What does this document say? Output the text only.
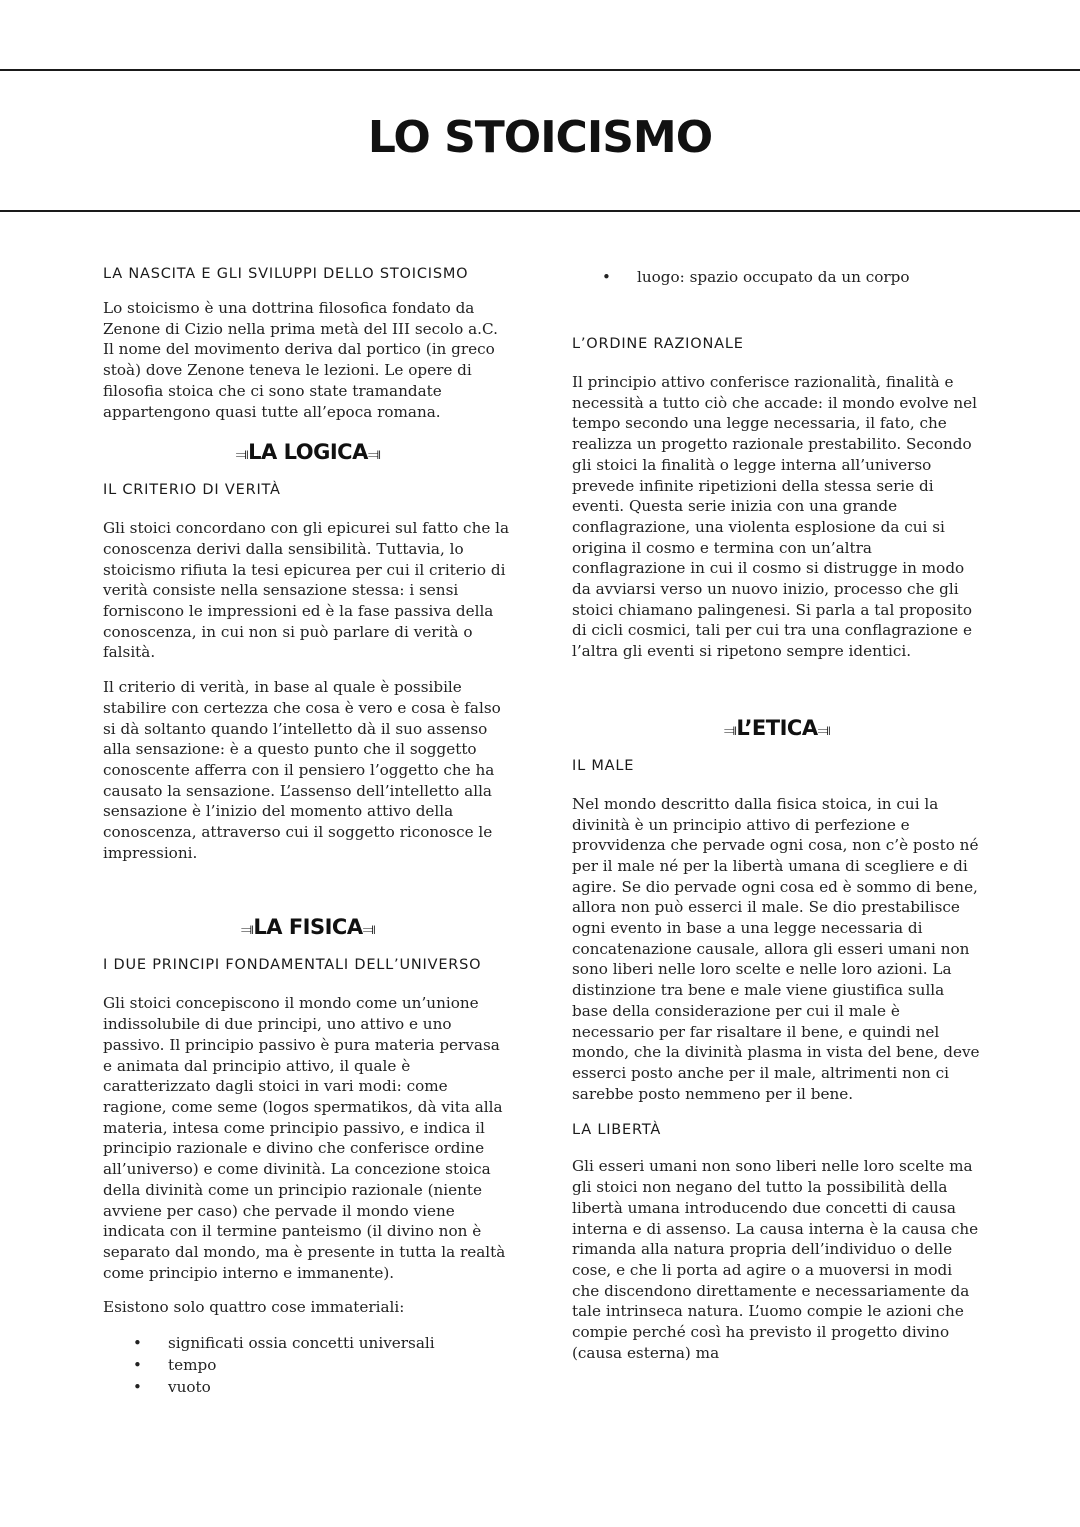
LO STOICISMO
LA NASCITA E GLI SVILUPPI DELLO STOICISMO

Lo stoicismo è una dottrina filosofica fondato da Zenone di Cizio nella prima metà del III secolo a.C. Il nome del movimento deriva dal portico (in greco stoà) dove Zenone teneva le lezioni. Le opere di filosofia stoica che ci sono state tramandate appartengono quasi tutte all’epoca romana.

⫥LA LOGICA⫥
IL CRITERIO DI VERITÀ

Gli stoici concordano con gli epicurei sul fatto che la conoscenza derivi dalla sensibilità. Tuttavia, lo stoicismo rifiuta la tesi epicurea per cui il criterio di verità consiste nella sensazione stessa: i sensi forniscono le impressioni ed è la fase passiva della conoscenza, in cui non si può parlare di verità o falsità.

Il criterio di verità, in base al quale è possibile stabilire con certezza che cosa è vero e cosa è falso si dà soltanto quando l’intelletto dà il suo assenso alla sensazione: è a questo punto che il soggetto conoscente afferra con il pensiero l’oggetto che ha causato la sensazione. L’assenso dell’intelletto alla sensazione è l’inizio del momento attivo della conoscenza, attraverso cui il soggetto riconosce le impressioni.

⫥LA FISICA⫥
I DUE PRINCIPI FONDAMENTALI DELL’UNIVERSO

Gli stoici concepiscono il mondo come un’unione indissolubile di due principi, uno attivo e uno passivo. Il principio passivo è pura materia pervasa e animata dal principio attivo, il quale è caratterizzato dagli stoici in vari modi: come ragione, come seme (logos spermatikos, dà vita alla materia, intesa come principio passivo, e indica il principio razionale e divino che conferisce ordine all’universo) e come divinità. La concezione stoica della divinità come un principio razionale (niente avviene per caso) che pervade il mondo viene indicata con il termine panteismo (il divino non è separato dal mondo, ma è presente in tutta la realtà come principio interno e immanente).

Esistono solo quattro cose immateriali:

• significati ossia concetti universali
• tempo
• vuoto
• luogo: spazio occupato da un corpo
L’ORDINE RAZIONALE

Il principio attivo conferisce razionalità, finalità e necessità a tutto ciò che accade: il mondo evolve nel tempo secondo una legge necessaria, il fato, che realizza un progetto razionale prestabilito. Secondo gli stoici la finalità o legge interna all’universo prevede infinite ripetizioni della stessa serie di eventi. Questa serie inizia con una grande conflagrazione, una violenta esplosione da cui si origina il cosmo e termina con un’altra conflagrazione in cui il cosmo si distrugge in modo da avviarsi verso un nuovo inizio, processo che gli stoici chiamano palingenesi. Si parla a tal proposito di cicli cosmici, tali per cui tra una conflagrazione e l’altra gli eventi si ripetono sempre identici.

⫥L’ETICA⫥
IL MALE

Nel mondo descritto dalla fisica stoica, in cui la divinità è un principio attivo di perfezione e provvidenza che pervade ogni cosa, non c’è posto né per il male né per la libertà umana di scegliere e di agire. Se dio pervade ogni cosa ed è sommo di bene, allora non può esserci il male. Se dio prestabilisce ogni evento in base a una legge necessaria di concatenazione causale, allora gli esseri umani non sono liberi nelle loro scelte e nelle loro azioni. La distinzione tra bene e male viene giustifica sulla base della considerazione per cui il male è necessario per far risaltare il bene, e quindi nel mondo, che la divinità plasma in vista del bene, deve esserci posto anche per il male, altrimenti non ci sarebbe posto nemmeno per il bene.

LA LIBERTÀ

Gli esseri umani non sono liberi nelle loro scelte ma gli stoici non negano del tutto la possibilità della libertà umana introducendo due concetti di causa interna e di assenso. La causa interna è la causa che rimanda alla natura propria dell’individuo o delle cose, e che li porta ad agire o a muoversi in modi che discendono direttamente e necessariamente da tale intrinseca natura. L’uomo compie le azioni che compie perché così ha previsto il progetto divino (causa esterna) ma
